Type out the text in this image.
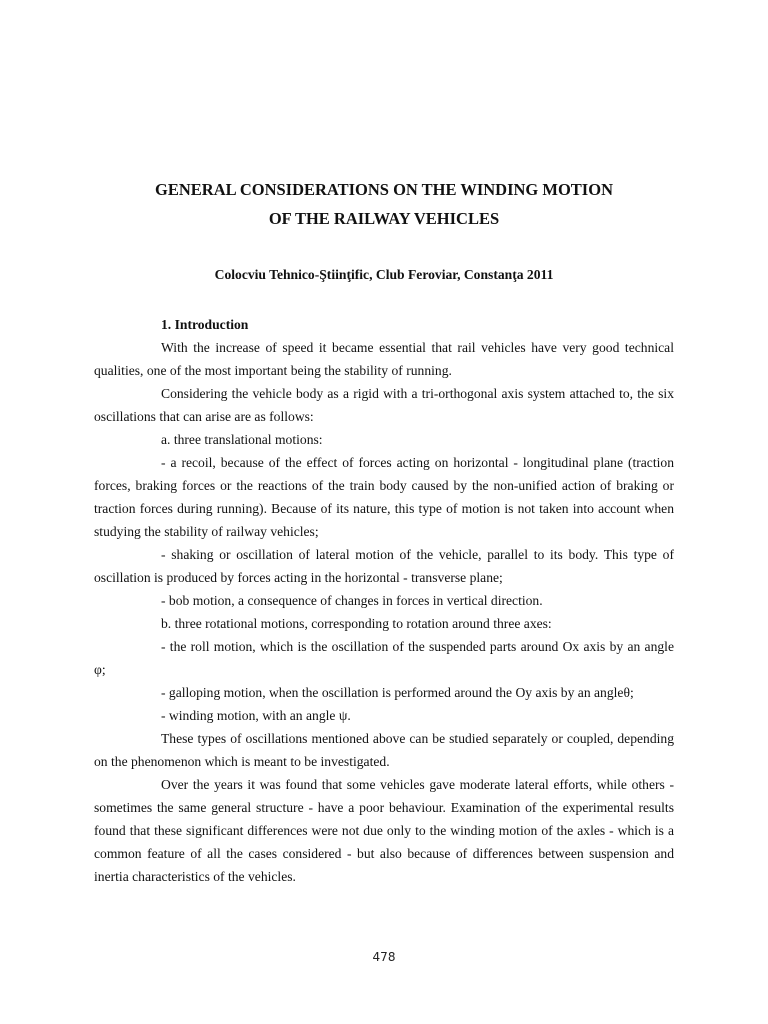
GENERAL CONSIDERATIONS ON THE WINDING MOTION
OF THE RAILWAY VEHICLES
Colocviu Tehnico-Ştiinţific, Club Feroviar, Constanţa 2011

1. Introduction

With the increase of speed it became essential that rail vehicles have very good technical qualities, one of the most important being the stability of running.

Considering the vehicle body as a rigid with a tri-orthogonal axis system attached to, the six oscillations that can arise are as follows:

a. three translational motions:

- a recoil, because of the effect of forces acting on horizontal - longitudinal plane (traction forces, braking forces or the reactions of the train body caused by the non-unified action of braking or traction forces during running). Because of its nature, this type of motion is not taken into account when studying the stability of railway vehicles;

- shaking or oscillation of lateral motion of the vehicle, parallel to its body. This type of oscillation is produced by forces acting in the horizontal - transverse plane;

- bob motion, a consequence of changes in forces in vertical direction.

b. three rotational motions, corresponding to rotation around three axes:

- the roll motion, which is the oscillation of the suspended parts around Ox axis by an angle φ;

- galloping motion, when the oscillation is performed around the Oy axis by an angleθ;

- winding motion, with an angle ψ.

These types of oscillations mentioned above can be studied separately or coupled, depending on the phenomenon which is meant to be investigated.

Over the years it was found that some vehicles gave moderate lateral efforts, while others - sometimes the same general structure - have a poor behaviour. Examination of the experimental results found that these significant differences were not due only to the winding motion of the axles - which is a common feature of all the cases considered - but also because of differences between suspension and inertia characteristics of the vehicles.

478
